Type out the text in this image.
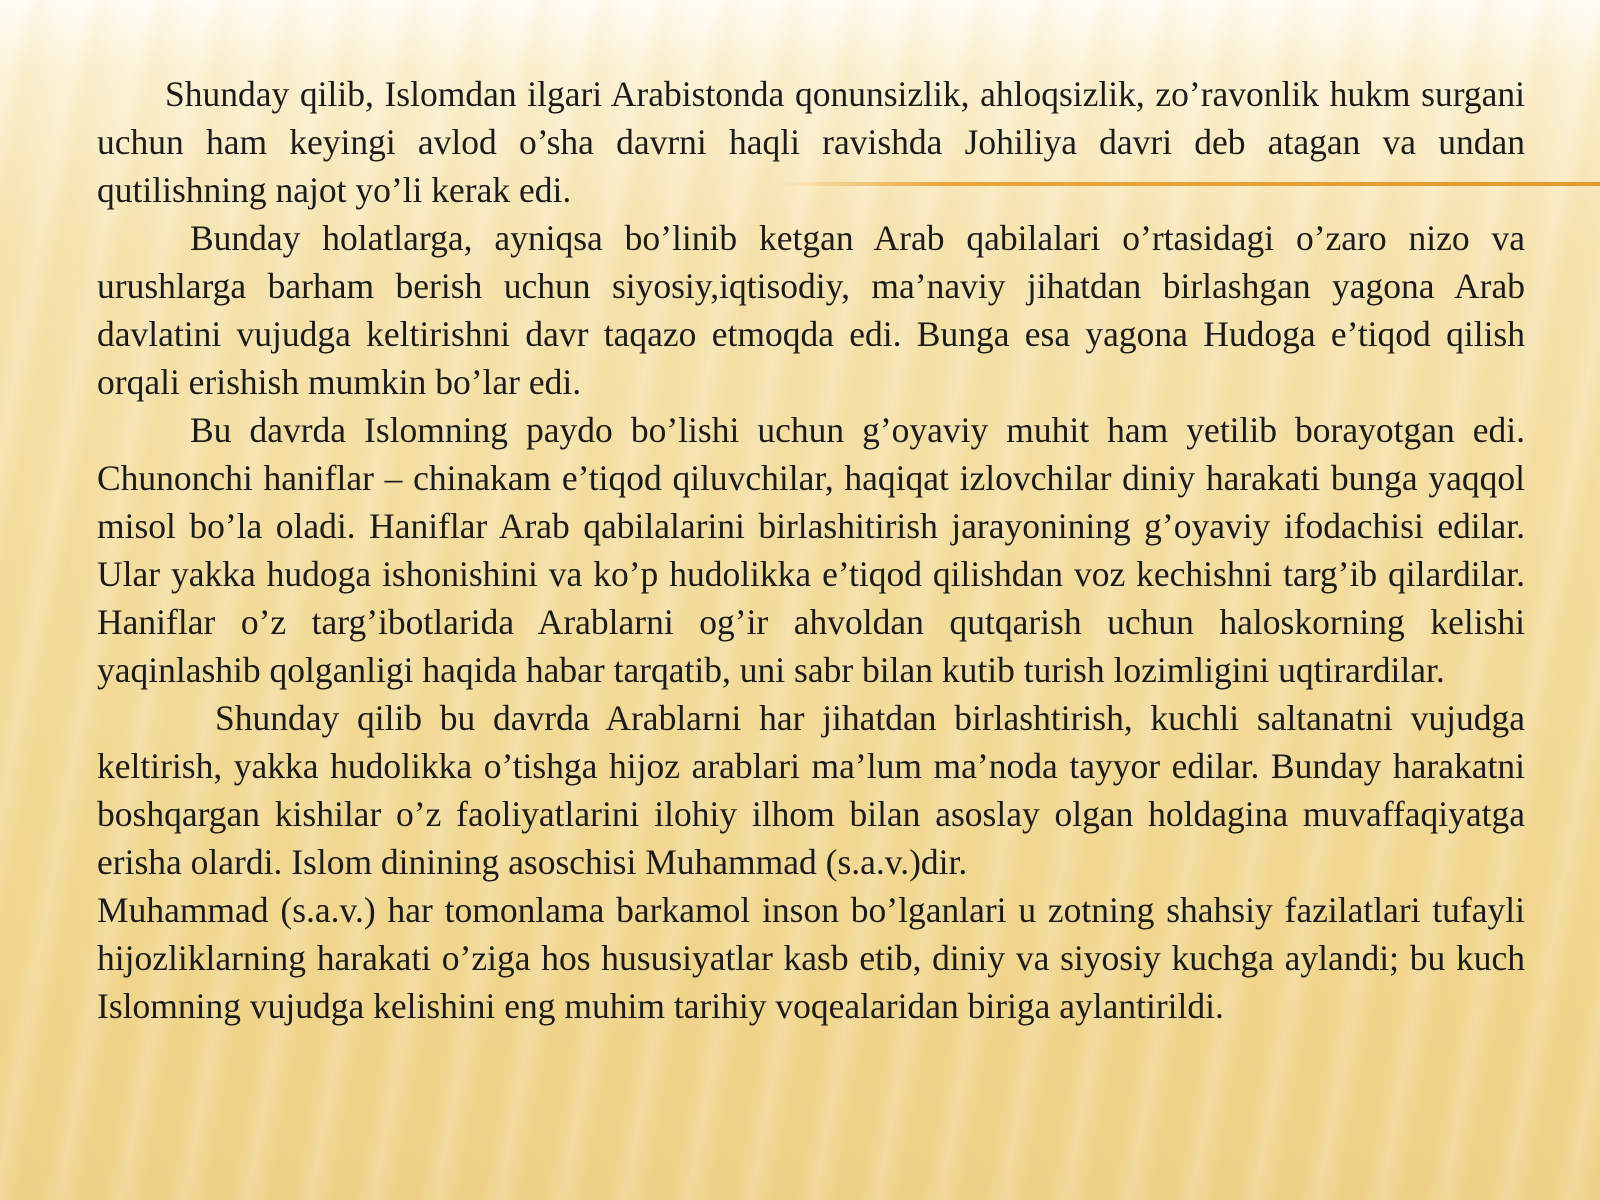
Shunday qilib, Islomdan ilgari Arabistonda qonunsizlik, ahloqsizlik, zo’ravonlik hukm surgani uchun ham keyingi avlod o’sha davrni haqli ravishda Johiliya davri deb atagan va undan qutilishning najot yo’li kerak edi.

Bunday holatlarga, ayniqsa bo’linib ketgan Arab qabilalari o’rtasidagi o’zaro nizo va urushlarga barham berish uchun siyosiy,iqtisodiy, ma’naviy jihatdan birlashgan yagona Arab davlatini vujudga keltirishni davr taqazo etmoqda edi. Bunga esa yagona Hudoga e’tiqod qilish orqali erishish mumkin bo’lar edi.

Bu davrda Islomning paydo bo’lishi uchun g’oyaviy muhit ham yetilib borayotgan edi. Chunonchi haniflar – chinakam e’tiqod qiluvchilar, haqiqat izlovchilar diniy harakati bunga yaqqol misol bo’la oladi. Haniflar Arab qabilalarini birlashitirish jarayonining g’oyaviy ifodachisi edilar. Ular yakka hudoga ishonishini va ko’p hudolikka e’tiqod qilishdan voz kechishni targ’ib qilardilar. Haniflar o’z targ’ibotlarida Arablarni og’ir ahvoldan qutqarish uchun haloskorning kelishi yaqinlashib qolganligi haqida habar tarqatib, uni sabr bilan kutib turish lozimligini uqtirardilar.

Shunday qilib bu davrda Arablarni har jihatdan birlashtirish, kuchli saltanatni vujudga keltirish, yakka hudolikka o’tishga hijoz arablari ma’lum ma’noda tayyor edilar. Bunday harakatni boshqargan kishilar o’z faoliyatlarini ilohiy ilhom bilan asoslay olgan holdagina muvaffaqiyatga erisha olardi. Islom dinining asoschisi Muhammad (s.a.v.)dir.

Muhammad (s.a.v.) har tomonlama barkamol inson bo’lganlari u zotning shahsiy fazilatlari tufayli hijozliklarning harakati o’ziga hos hususiyatlar kasb etib, diniy va siyosiy kuchga aylandi; bu kuch Islomning vujudga kelishini eng muhim tarihiy voqealaridan biriga aylantirildi.
